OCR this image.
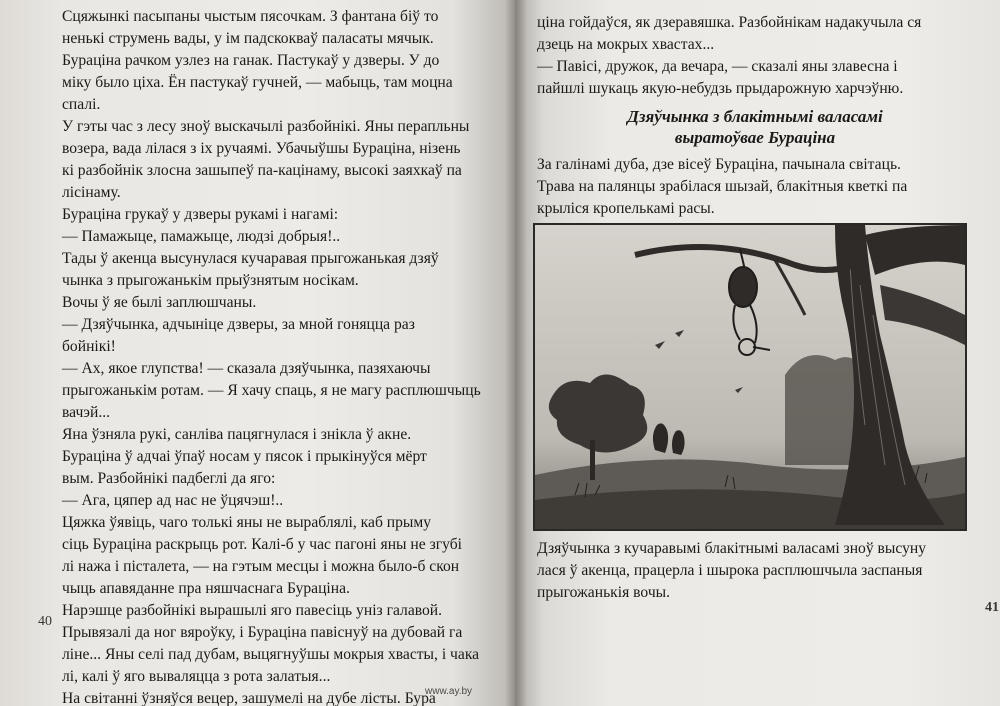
Сцяжынкі пасыпаны чыстым пясочкам. З фантана біў то

ненькі струмень вады, у ім падскокваў паласаты мячык.

Бурацiна рачком узлез на ганак. Пастукаў у дзверы. У до

міку было ціха. Ён пастукаў гучней, — мабыць, там моцна

спалі.

У гэты час з лесу зноў выскачылі разбойнікі. Яны перапльны

возера, вада лілася з іх ручаямі. Убачыўшы Бурацiна, нізень

кі разбойнік злосна зашыпеў па-кацінаму, высокі заяхкаў па

лісінаму.

Бурацiна грукаў у дзверы рукамі і нагамі:

— Памажыце, памажыце, людзі добрыя!..

Тады ў акенца высунулася кучаравая прыгожанькая дзяў

чынка з прыгожанькім прыўзнятым носікам.

Вочы ў яе былі заплюшчаны.

— Дзяўчынка, адчыніце дзверы, за мной гоняцца раз

бойнікі!

— Ах, якое глупства! — сказала дзяўчынка, пазяхаючы

прыгожанькім ротам. — Я хачу спаць, я не магу расплюшчыць

вачэй...

Яна ўзняла рукі, санліва пацягнулася і знікла ў акне.

Бурацiна ў адчаі ўпаў носам у пясок і прыкінуўся мёрт

вым. Разбойнікі падбеглі да яго:

— Ага, цяпер ад нас не ўцячэш!..

Цяжка ўявіць, чаго толькі яны не выраблялі, каб прыму

сіць Бурацiна раскрыць рот. Калі-б у час пагоні яны не згубі

лі нажа і пісталета, — на гэтым месцы і можна было-б скон

чыць апавяданне пра няшчаснага Бурацiна.

Нарэшце разбойнікі вырашылі яго павесіць уніз галавой.

Прывязалі да ног вяроўку, і Бурацiна павіснуў на дубовай га

ліне... Яны селі пад дубам, выцягнуўшы мокрыя хвасты, і чака

лі, калі ў яго вываляцца з рота залатыя...

На світанні ўзняўся вецер, зашумелі на дубе лісты. Бура

40

цiна гойдаўся, як дзеравяшка. Разбойнікам надакучыла ся

дзець на мокрых хвастах...

— Павісі, дружок, да вечара, — сказалі яны злавесна і

пайшлі шукаць якую-небудзь прыдарожную харчэўню.

Дзяўчынка з блакітнымі валасамі
выратоўвае Бурацiна

За галінамі дуба, дзе вісеў Бурацiна, пачынала світаць.

Трава на палянцы зрабілася шызай, блакітныя кветкі па

крыліся кропелькамі расы.

Дзяўчынка з кучаравымі блакітнымі валасамі зноў высуну

лася ў акенца, працерла і шырока расплюшчыла заспаныя

прыгожанькія вочы.

41
www.ay.by
